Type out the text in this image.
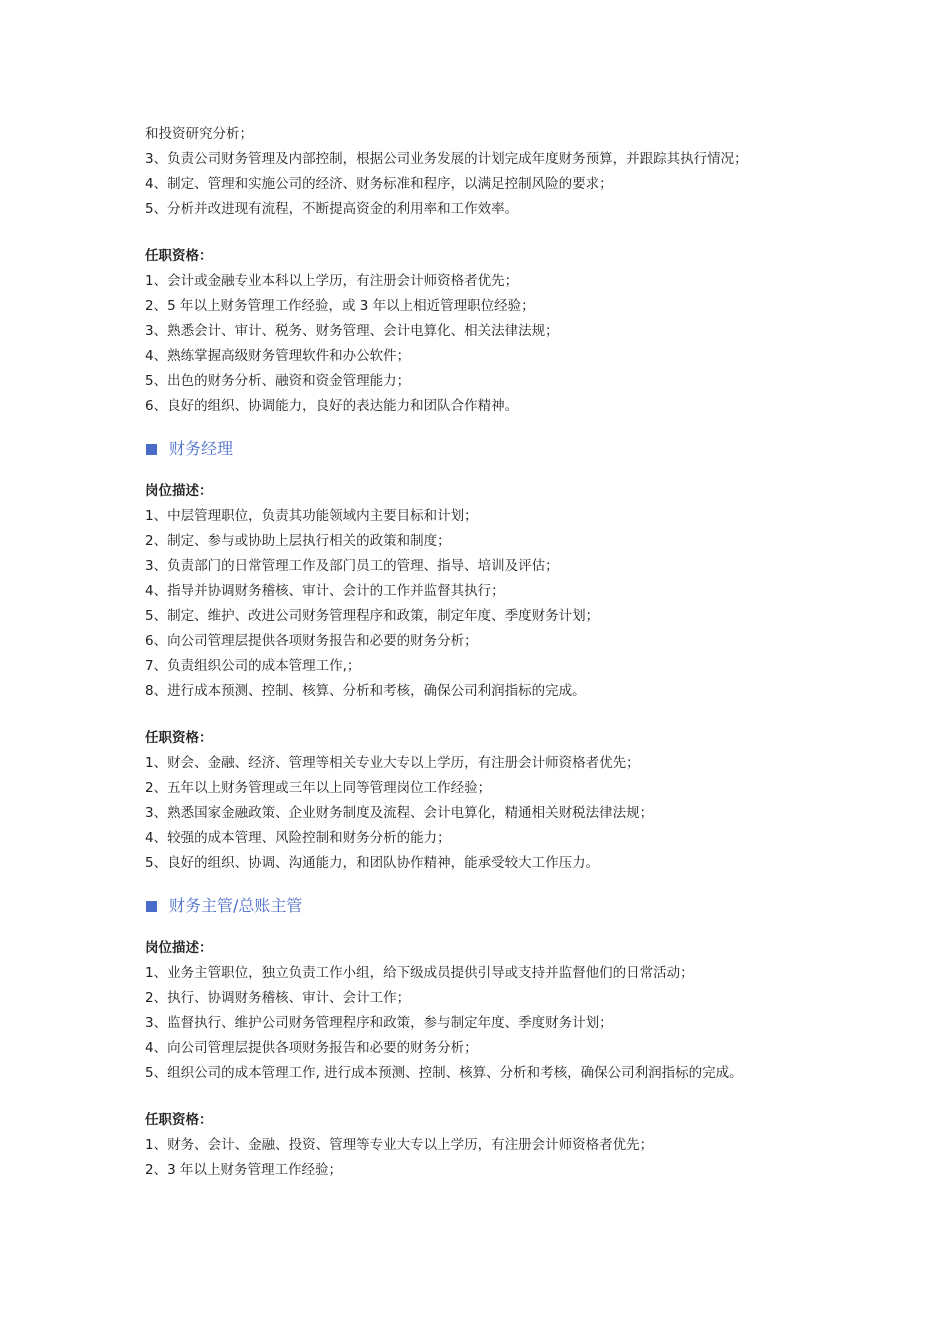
和投资研究分析；
3、负责公司财务管理及内部控制，根据公司业务发展的计划完成年度财务预算，并跟踪其执行情况；
4、制定、管理和实施公司的经济、财务标准和程序，以满足控制风险的要求；
5、分析并改进现有流程，不断提高资金的利用率和工作效率。
任职资格：
1、会计或金融专业本科以上学历，有注册会计师资格者优先；
2、5 年以上财务管理工作经验，或 3 年以上相近管理职位经验；
3、熟悉会计、审计、税务、财务管理、会计电算化、相关法律法规；
4、熟练掌握高级财务管理软件和办公软件；
5、出色的财务分析、融资和资金管理能力；
6、良好的组织、协调能力，良好的表达能力和团队合作精神。
财务经理
岗位描述：
1、中层管理职位，负责其功能领域内主要目标和计划；
2、制定、参与或协助上层执行相关的政策和制度；
3、负责部门的日常管理工作及部门员工的管理、指导、培训及评估；
4、指导并协调财务稽核、审计、会计的工作并监督其执行；
5、制定、维护、改进公司财务管理程序和政策，制定年度、季度财务计划；
6、向公司管理层提供各项财务报告和必要的财务分析；
7、负责组织公司的成本管理工作,；
8、进行成本预测、控制、核算、分析和考核，确保公司利润指标的完成。
任职资格：
1、财会、金融、经济、管理等相关专业大专以上学历，有注册会计师资格者优先；
2、五年以上财务管理或三年以上同等管理岗位工作经验；
3、熟悉国家金融政策、企业财务制度及流程、会计电算化，精通相关财税法律法规；
4、较强的成本管理、风险控制和财务分析的能力；
5、良好的组织、协调、沟通能力，和团队协作精神，能承受较大工作压力。
财务主管/总账主管
岗位描述：
1、业务主管职位，独立负责工作小组，给下级成员提供引导或支持并监督他们的日常活动；
2、执行、协调财务稽核、审计、会计工作；
3、监督执行、维护公司财务管理程序和政策，参与制定年度、季度财务计划；
4、向公司管理层提供各项财务报告和必要的财务分析；
5、组织公司的成本管理工作, 进行成本预测、控制、核算、分析和考核，确保公司利润指标的完成。
任职资格：
1、财务、会计、金融、投资、管理等专业大专以上学历，有注册会计师资格者优先；
2、3 年以上财务管理工作经验；
